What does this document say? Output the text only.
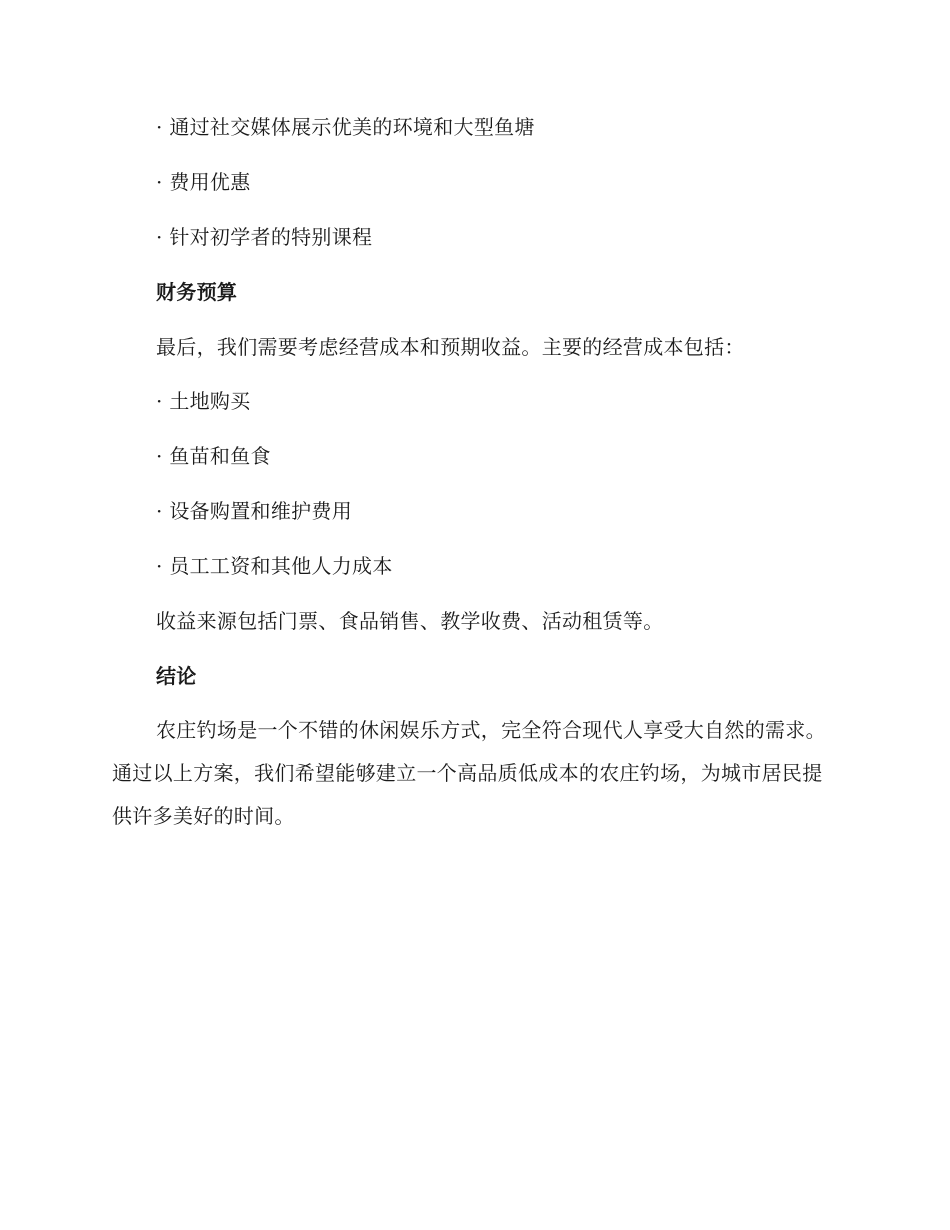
· 通过社交媒体展示优美的环境和大型鱼塘
· 费用优惠
· 针对初学者的特别课程
财务预算
最后，我们需要考虑经营成本和预期收益。主要的经营成本包括：
· 土地购买
· 鱼苗和鱼食
· 设备购置和维护费用
· 员工工资和其他人力成本
收益来源包括门票、食品销售、教学收费、活动租赁等。
结论
农庄钓场是一个不错的休闲娱乐方式，完全符合现代人享受大自然的需求。通过以上方案，我们希望能够建立一个高品质低成本的农庄钓场，为城市居民提供许多美好的时间。
